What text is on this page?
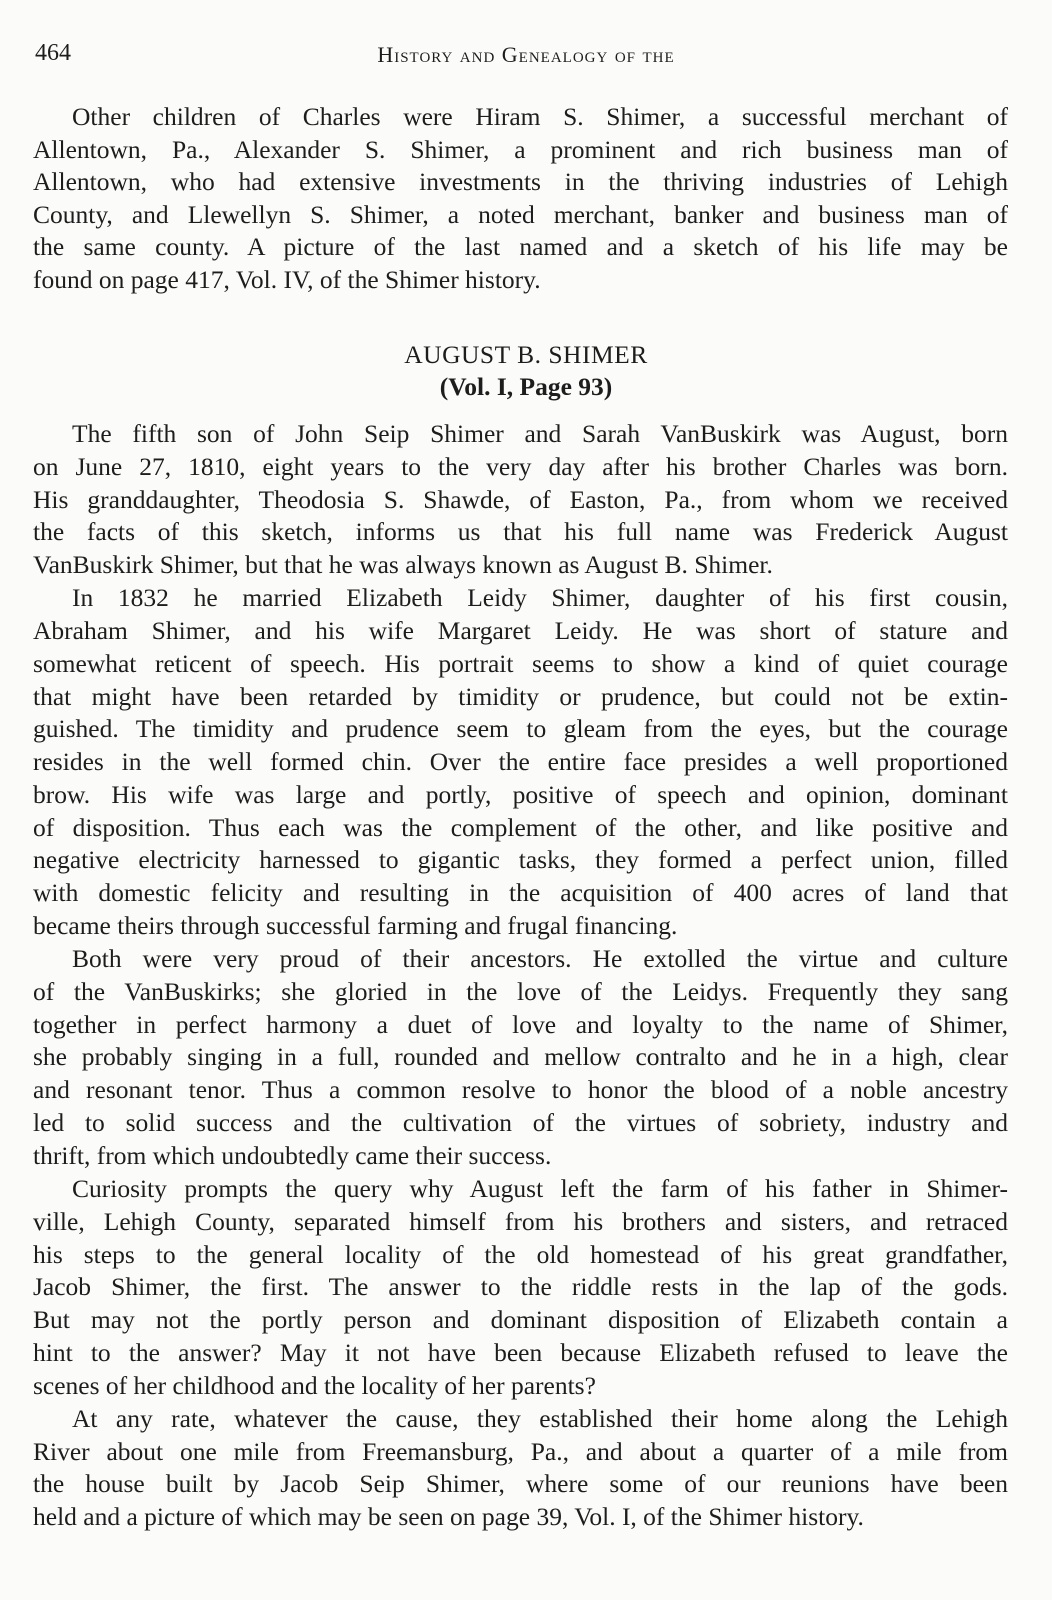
464	History and Genealogy of the
AUGUST B. SHIMER
(Vol. I, Page 93)
Other children of Charles were Hiram S. Shimer, a successful merchant of
Allentown, Pa., Alexander S. Shimer, a prominent and rich business man of
Allentown, who had extensive investments in the thriving industries of Lehigh
County, and Llewellyn S. Shimer, a noted merchant, banker and business man of
the same county. A picture of the last named and a sketch of his life may be
found on page 417, Vol. IV, of the Shimer history.
The fifth son of John Seip Shimer and Sarah VanBuskirk was August, born
on June 27, 1810, eight years to the very day after his brother Charles was born.
His granddaughter, Theodosia S. Shawde, of Easton, Pa., from whom we received
the facts of this sketch, informs us that his full name was Frederick August
VanBuskirk Shimer, but that he was always known as August B. Shimer.
In 1832 he married Elizabeth Leidy Shimer, daughter of his first cousin,
Abraham Shimer, and his wife Margaret Leidy. He was short of stature and
somewhat reticent of speech. His portrait seems to show a kind of quiet courage
that might have been retarded by timidity or prudence, but could not be extin-
guished. The timidity and prudence seem to gleam from the eyes, but the courage
resides in the well formed chin. Over the entire face presides a well proportioned
brow. His wife was large and portly, positive of speech and opinion, dominant
of disposition. Thus each was the complement of the other, and like positive and
negative electricity harnessed to gigantic tasks, they formed a perfect union, filled
with domestic felicity and resulting in the acquisition of 400 acres of land that
became theirs through successful farming and frugal financing.
Both were very proud of their ancestors. He extolled the virtue and culture
of the VanBuskirks; she gloried in the love of the Leidys. Frequently they sang
together in perfect harmony a duet of love and loyalty to the name of Shimer,
she probably singing in a full, rounded and mellow contralto and he in a high, clear
and resonant tenor. Thus a common resolve to honor the blood of a noble ancestry
led to solid success and the cultivation of the virtues of sobriety, industry and
thrift, from which undoubtedly came their success.
Curiosity prompts the query why August left the farm of his father in Shimer-
ville, Lehigh County, separated himself from his brothers and sisters, and retraced
his steps to the general locality of the old homestead of his great grandfather,
Jacob Shimer, the first. The answer to the riddle rests in the lap of the gods.
But may not the portly person and dominant disposition of Elizabeth contain a
hint to the answer? May it not have been because Elizabeth refused to leave the
scenes of her childhood and the locality of her parents?
At any rate, whatever the cause, they established their home along the Lehigh
River about one mile from Freemansburg, Pa., and about a quarter of a mile from
the house built by Jacob Seip Shimer, where some of our reunions have been
held and a picture of which may be seen on page 39, Vol. I, of the Shimer history.
